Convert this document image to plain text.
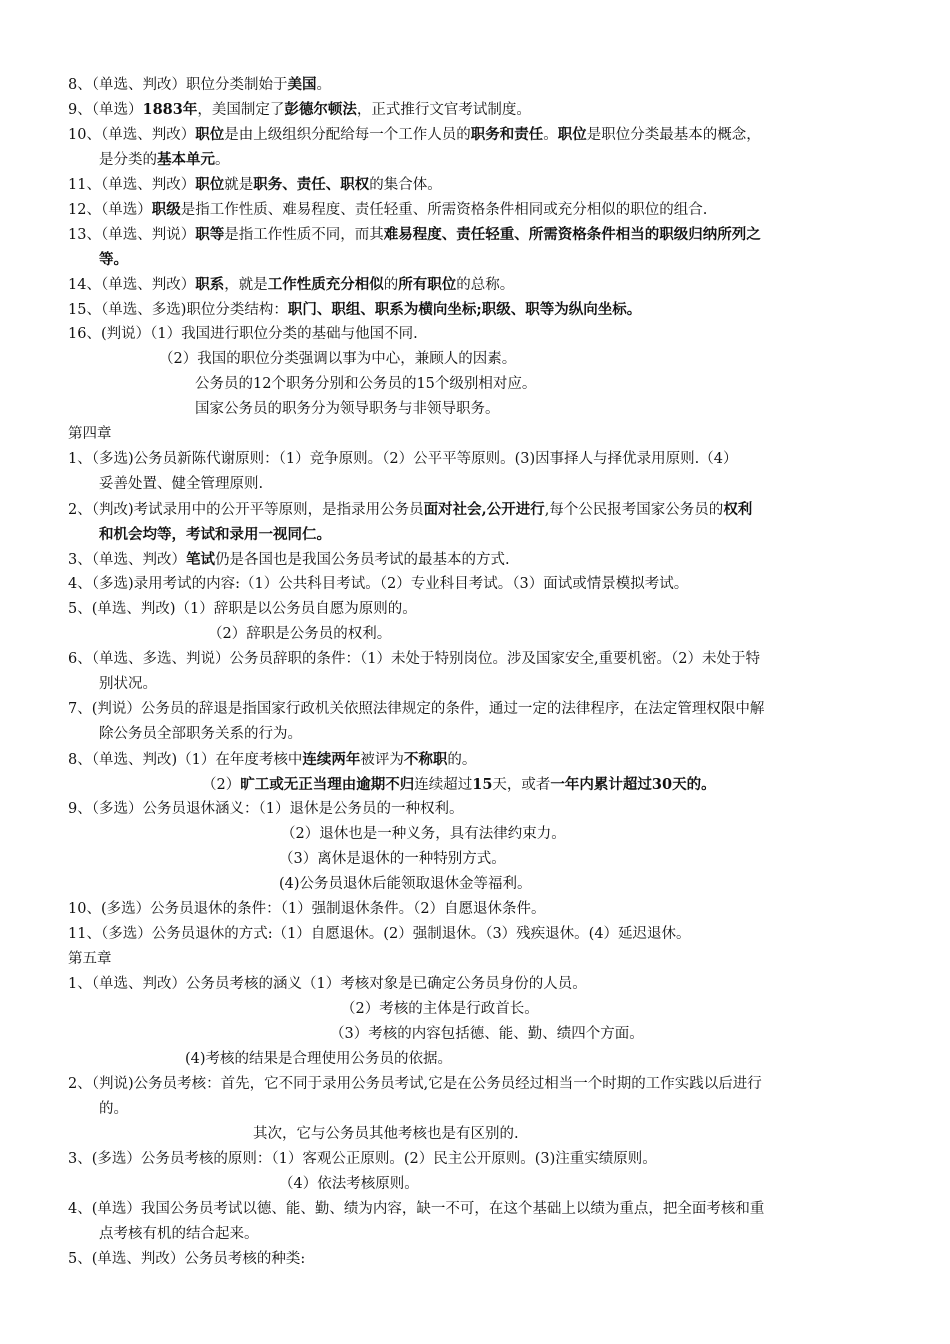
8、（单选、判改）职位分类制始于美国。
9、（单选）1883年，美国制定了彭德尔顿法，正式推行文官考试制度。
10、（单选、判改）职位是由上级组织分配给每一个工作人员的职务和责任。职位是职位分类最基本的概念，
是分类的基本单元。
11、（单选、判改）职位就是职务、责任、职权的集合体。
12、（单选）职级是指工作性质、难易程度、责任轻重、所需资格条件相同或充分相似的职位的组合.
13、（单选、判说）职等是指工作性质不同，而其难易程度、责任轻重、所需资格条件相当的职级归纳所列之
等。
14、（单选、判改）职系，就是工作性质充分相似的所有职位的总称。
15、（单选、多选)职位分类结构：职门、职组、职系为横向坐标;职级、职等为纵向坐标。
16、(判说）（1）我国进行职位分类的基础与他国不同.
（2）我国的职位分类强调以事为中心，兼顾人的因素。
公务员的12个职务分别和公务员的15个级别相对应。
国家公务员的职务分为领导职务与非领导职务。
第四章
1、（多选)公务员新陈代谢原则：（1）竞争原则。（2）公平平等原则。(3)因事择人与择优录用原则.（4）
妥善处置、健全管理原则.
2、（判改)考试录用中的公开平等原则，是指录用公务员面对社会,公开进行,每个公民报考国家公务员的权利
和机会均等，考试和录用一视同仁。
3、（单选、判改）笔试仍是各国也是我国公务员考试的最基本的方式.
4、（多选)录用考试的内容:（1）公共科目考试。（2）专业科目考试。（3）面试或情景模拟考试。
5、(单选、判改)（1）辞职是以公务员自愿为原则的。
（2）辞职是公务员的权利。
6、（单选、多选、判说）公务员辞职的条件：（1）未处于特别岗位。涉及国家安全,重要机密。（2）未处于特
别状况。
7、(判说）公务员的辞退是指国家行政机关依照法律规定的条件，通过一定的法律程序，在法定管理权限中解
除公务员全部职务关系的行为。
8、（单选、判改)（1）在年度考核中连续两年被评为不称职的。
（2）旷工或无正当理由逾期不归连续超过15天，或者一年内累计超过30天的。
9、（多选）公务员退休涵义：（1）退休是公务员的一种权利。
（2）退休也是一种义务，具有法律约束力。
（3）离休是退休的一种特别方式。
(4)公务员退休后能领取退休金等福利。
10、(多选）公务员退休的条件：（1）强制退休条件。（2）自愿退休条件。
11、（多选）公务员退休的方式:（1）自愿退休。(2）强制退休。（3）残疾退休。(4）延迟退休。
第五章
1、（单选、判改）公务员考核的涵义（1）考核对象是已确定公务员身份的人员。
（2）考核的主体是行政首长。
（3）考核的内容包括德、能、勤、绩四个方面。
(4)考核的结果是合理使用公务员的依据。
2、（判说)公务员考核：首先，它不同于录用公务员考试,它是在公务员经过相当一个时期的工作实践以后进行
的。
其次，它与公务员其他考核也是有区别的.
3、(多选）公务员考核的原则：（1）客观公正原则。(2）民主公开原则。(3)注重实绩原则。
（4）依法考核原则。
4、(单选）我国公务员考试以德、能、勤、绩为内容，缺一不可，在这个基础上以绩为重点，把全面考核和重
点考核有机的结合起来。
5、(单选、判改）公务员考核的种类:
